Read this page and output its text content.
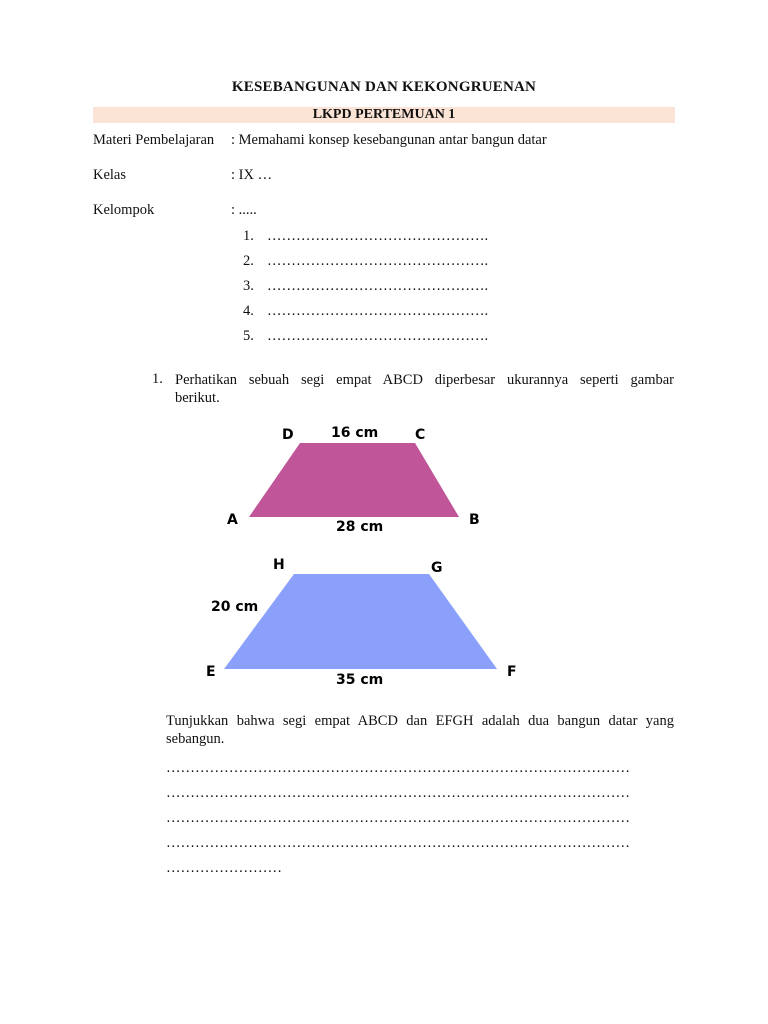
KESEBANGUNAN DAN KEKONGRUENAN
LKPD PERTEMUAN 1
Materi Pembelajaran : Memahami konsep kesebangunan antar bangun datar
Kelas	: IX …
Kelompok	: .....
1. ……………………………………….
2. ……………………………………….
3. ……………………………………….
4. ……………………………………….
5. ……………………………………….
1. Perhatikan sebuah segi empat ABCD diperbesar ukurannya seperti gambar
berikut.
D	16 cm	C
A	B
28 cm
H	G
20 cm
E	F
35 cm
Tunjukkan bahwa segi empat ABCD dan EFGH adalah dua bangun datar yang
sebangun.
……………………………………………………………………………………
……………………………………………………………………………………
……………………………………………………………………………………
……………………………………………………………………………………
……………………
